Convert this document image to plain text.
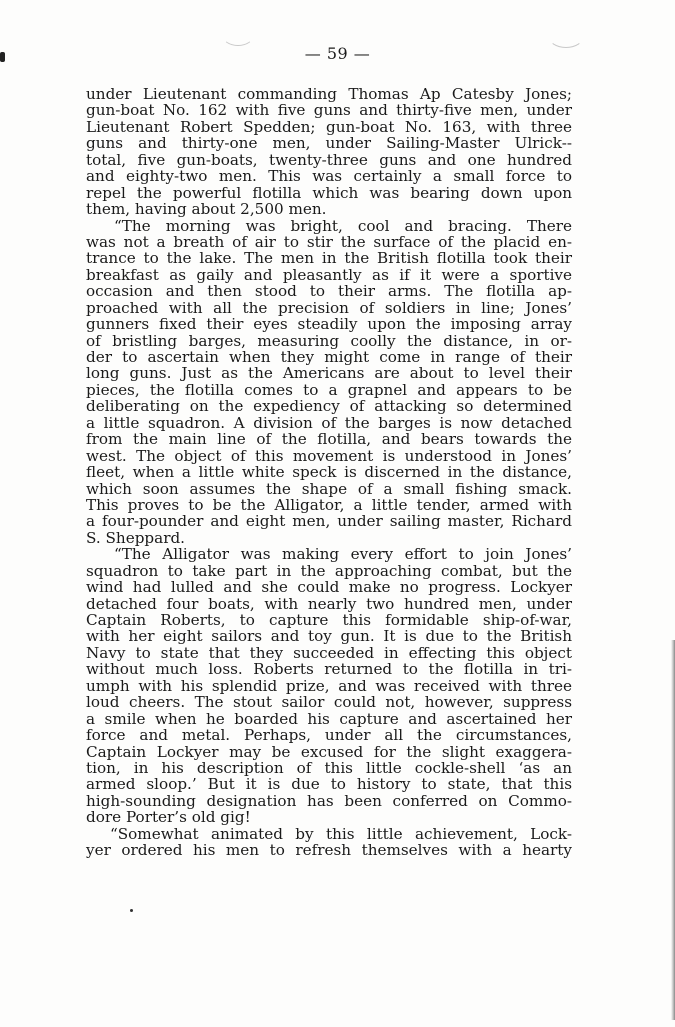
— 59 —
under Lieutenant commanding Thomas Ap Catesby Jones;
gun-boat No. 162 with five guns and thirty-five men, under
Lieutenant Robert Spedden; gun-boat No. 163, with three
guns and thirty-one men, under Sailing-Master Ulrick--
total, five gun-boats, twenty-three guns and one hundred
and eighty-two men. This was certainly a small force to
repel the powerful flotilla which was bearing down upon
them, having about 2,500 men.
“The morning was bright, cool and bracing. There
was not a breath of air to stir the surface of the placid en-
trance to the lake. The men in the British flotilla took their
breakfast as gaily and pleasantly as if it were a sportive
occasion and then stood to their arms. The flotilla ap-
proached with all the precision of soldiers in line; Jones’
gunners fixed their eyes steadily upon the imposing array
of bristling barges, measuring coolly the distance, in or-
der to ascertain when they might come in range of their
long guns. Just as the Americans are about to level their
pieces, the flotilla comes to a grapnel and appears to be
deliberating on the expediency of attacking so determined
a little squadron. A division of the barges is now detached
from the main line of the flotilla, and bears towards the
west. The object of this movement is understood in Jones’
fleet, when a little white speck is discerned in the distance,
which soon assumes the shape of a small fishing smack.
This proves to be the Alligator, a little tender, armed with
a four-pounder and eight men, under sailing master, Richard
S. Sheppard.
“The Alligator was making every effort to join Jones’
squadron to take part in the approaching combat, but the
wind had lulled and she could make no progress. Lockyer
detached four boats, with nearly two hundred men, under
Captain Roberts, to capture this formidable ship-of-war,
with her eight sailors and toy gun. It is due to the British
Navy to state that they succeeded in effecting this object
without much loss. Roberts returned to the flotilla in tri-
umph with his splendid prize, and was received with three
loud cheers. The stout sailor could not, however, suppress
a smile when he boarded his capture and ascertained her
force and metal. Perhaps, under all the circumstances,
Captain Lockyer may be excused for the slight exaggera-
tion, in his description of this little cockle-shell ‘as an
armed sloop.’ But it is due to history to state, that this
high-sounding designation has been conferred on Commo-
dore Porter’s old gig!
“Somewhat animated by this little achievement, Lock-
yer ordered his men to refresh themselves with a hearty
